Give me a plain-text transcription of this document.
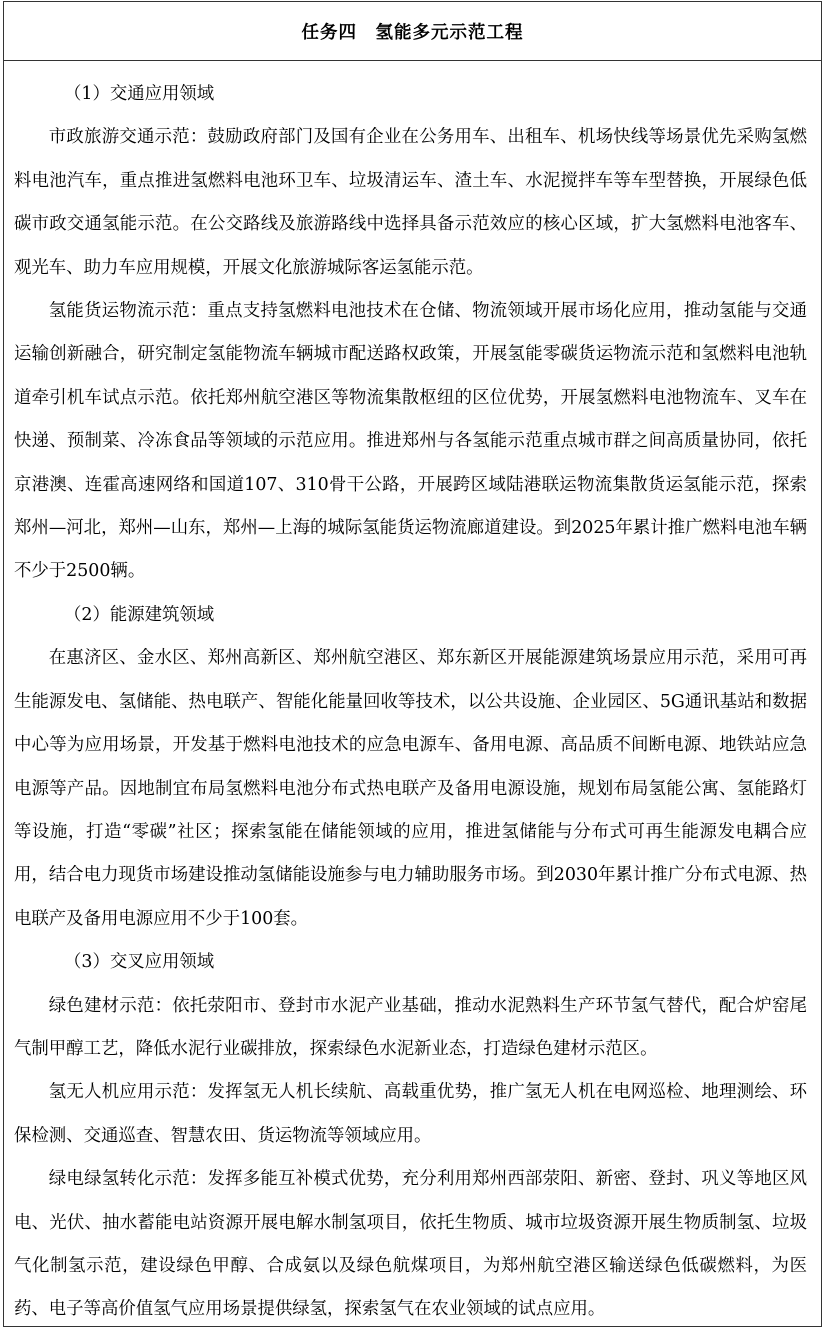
任务四　氢能多元示范工程

（1）交通应用领域

市政旅游交通示范：鼓励政府部门及国有企业在公务用车、出租车、机场快线等场景优先采购氢燃料电池汽车，重点推进氢燃料电池环卫车、垃圾清运车、渣土车、水泥搅拌车等车型替换，开展绿色低碳市政交通氢能示范。在公交路线及旅游路线中选择具备示范效应的核心区域，扩大氢燃料电池客车、观光车、助力车应用规模，开展文化旅游城际客运氢能示范。

氢能货运物流示范：重点支持氢燃料电池技术在仓储、物流领域开展市场化应用，推动氢能与交通运输创新融合，研究制定氢能物流车辆城市配送路权政策，开展氢能零碳货运物流示范和氢燃料电池轨道牵引机车试点示范。依托郑州航空港区等物流集散枢纽的区位优势，开展氢燃料电池物流车、叉车在快递、预制菜、冷冻食品等领域的示范应用。推进郑州与各氢能示范重点城市群之间高质量协同，依托京港澳、连霍高速网络和国道107、310骨干公路，开展跨区域陆港联运物流集散货运氢能示范，探索郑州—河北，郑州—山东，郑州—上海的城际氢能货运物流廊道建设。到2025年累计推广燃料电池车辆不少于2500辆。

（2）能源建筑领域

在惠济区、金水区、郑州高新区、郑州航空港区、郑东新区开展能源建筑场景应用示范，采用可再生能源发电、氢储能、热电联产、智能化能量回收等技术，以公共设施、企业园区、5G通讯基站和数据中心等为应用场景，开发基于燃料电池技术的应急电源车、备用电源、高品质不间断电源、地铁站应急电源等产品。因地制宜布局氢燃料电池分布式热电联产及备用电源设施，规划布局氢能公寓、氢能路灯等设施，打造“零碳”社区；探索氢能在储能领域的应用，推进氢储能与分布式可再生能源发电耦合应用，结合电力现货市场建设推动氢储能设施参与电力辅助服务市场。到2030年累计推广分布式电源、热电联产及备用电源应用不少于100套。

（3）交叉应用领域

绿色建材示范：依托荥阳市、登封市水泥产业基础，推动水泥熟料生产环节氢气替代，配合炉窑尾气制甲醇工艺，降低水泥行业碳排放，探索绿色水泥新业态，打造绿色建材示范区。

氢无人机应用示范：发挥氢无人机长续航、高载重优势，推广氢无人机在电网巡检、地理测绘、环保检测、交通巡查、智慧农田、货运物流等领域应用。

绿电绿氢转化示范：发挥多能互补模式优势，充分利用郑州西部荥阳、新密、登封、巩义等地区风电、光伏、抽水蓄能电站资源开展电解水制氢项目，依托生物质、城市垃圾资源开展生物质制氢、垃圾气化制氢示范，建设绿色甲醇、合成氨以及绿色航煤项目，为郑州航空港区输送绿色低碳燃料，为医药、电子等高价值氢气应用场景提供绿氢，探索氢气在农业领域的试点应用。
